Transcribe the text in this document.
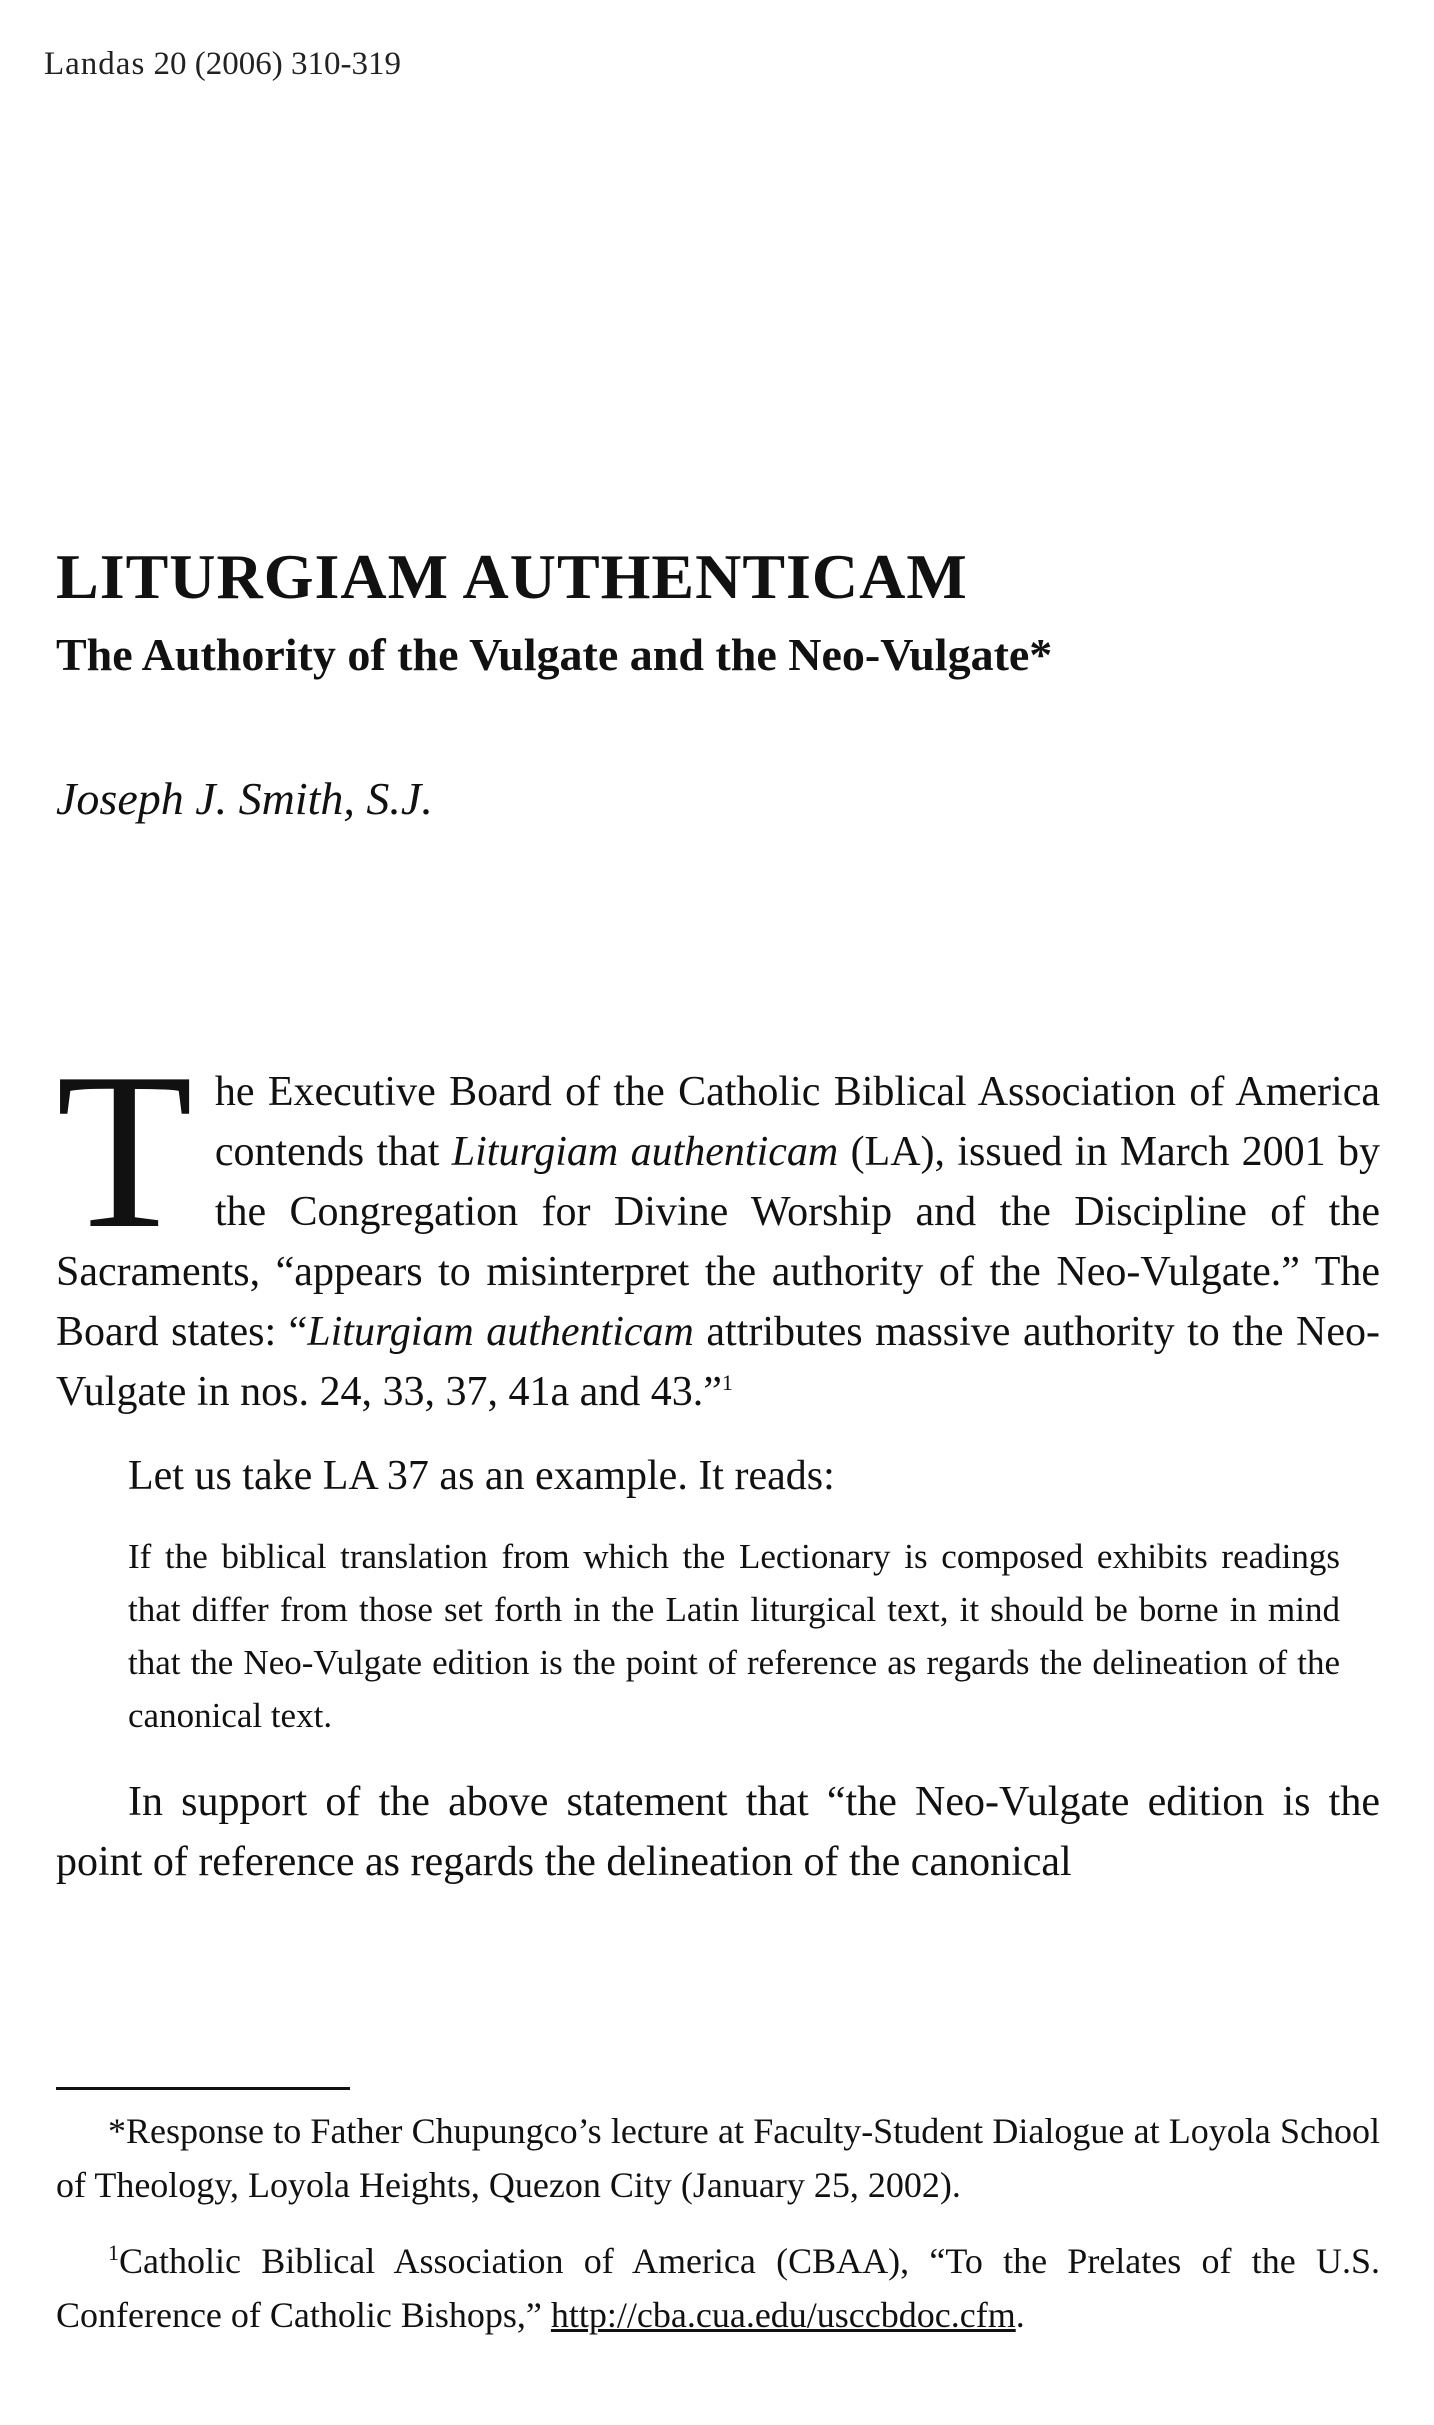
Landas 20 (2006) 310-319
LITURGIAM AUTHENTICAM
The Authority of the Vulgate and the Neo-Vulgate*
Joseph J. Smith, S.J.

The Executive Board of the Catholic Biblical Association of America contends that Liturgiam authenticam (LA), issued in March 2001 by the Congregation for Divine Worship and the Discipline of the Sacraments, “appears to misinterpret the authority of the Neo-Vulgate.” The Board states: “Liturgiam authenticam attributes massive authority to the Neo-Vulgate in nos. 24, 33, 37, 41a and 43.”$^1$

Let us take LA 37 as an example. It reads:

If the biblical translation from which the Lectionary is composed exhibits readings that differ from those set forth in the Latin liturgical text, it should be borne in mind that the Neo-Vulgate edition is the point of reference as regards the delineation of the canonical text.

In support of the above statement that “the Neo-Vulgate edition is the point of reference as regards the delineation of the canonical

*Response to Father Chupungco’s lecture at Faculty-Student Dialogue at Loyola School of Theology, Loyola Heights, Quezon City (January 25, 2002).

$^1$Catholic Biblical Association of America (CBAA), “To the Prelates of the U.S. Conference of Catholic Bishops,” http://cba.cua.edu/usccbdoc.cfm.
